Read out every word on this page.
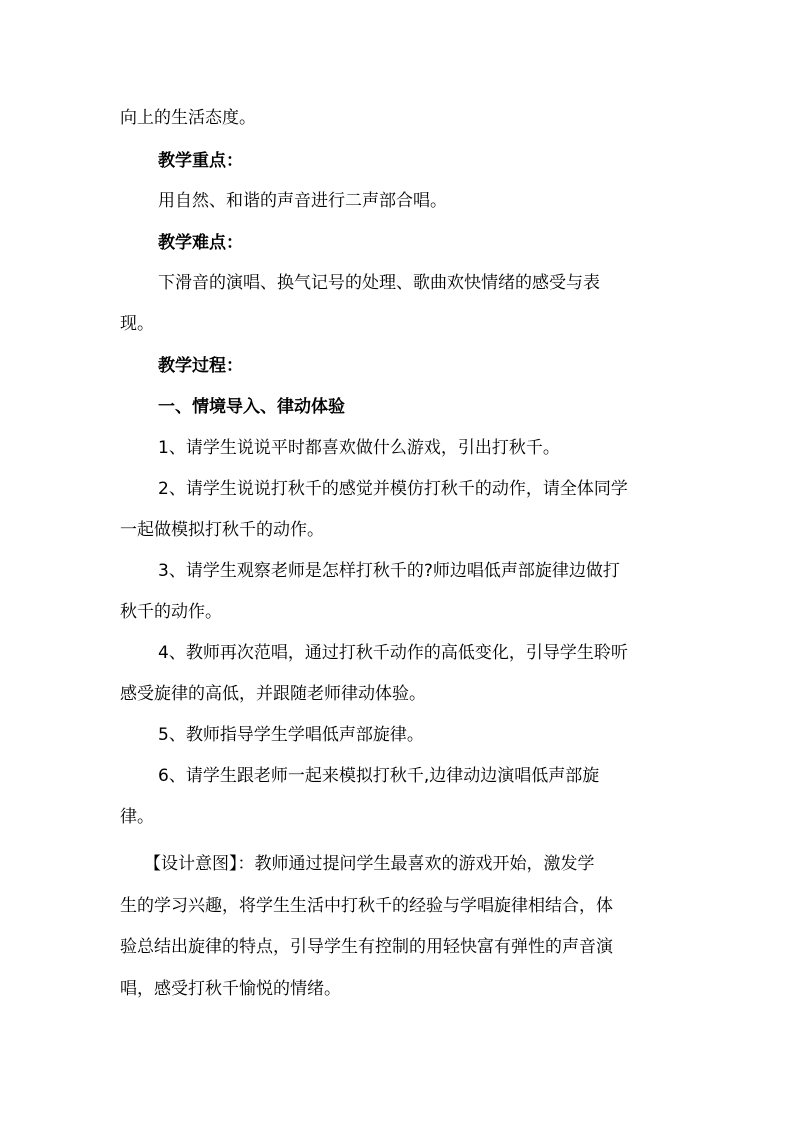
向上的生活态度。

教学重点：

用自然、和谐的声音进行二声部合唱。

教学难点：

下滑音的演唱、换气记号的处理、歌曲欢快情绪的感受与表

现。

教学过程：

一、情境导入、律动体验

1、请学生说说平时都喜欢做什么游戏，引出打秋千。

2、请学生说说打秋千的感觉并模仿打秋千的动作，请全体同学

一起做模拟打秋千的动作。

3、请学生观察老师是怎样打秋千的?师边唱低声部旋律边做打

秋千的动作。

4、教师再次范唱，通过打秋千动作的高低变化，引导学生聆听

感受旋律的高低，并跟随老师律动体验。

5、教师指导学生学唱低声部旋律。

6、请学生跟老师一起来模拟打秋千,边律动边演唱低声部旋

律。

【设计意图】：教师通过提问学生最喜欢的游戏开始，激发学

生的学习兴趣，将学生生活中打秋千的经验与学唱旋律相结合，体

验总结出旋律的特点，引导学生有控制的用轻快富有弹性的声音演

唱，感受打秋千愉悦的情绪。
